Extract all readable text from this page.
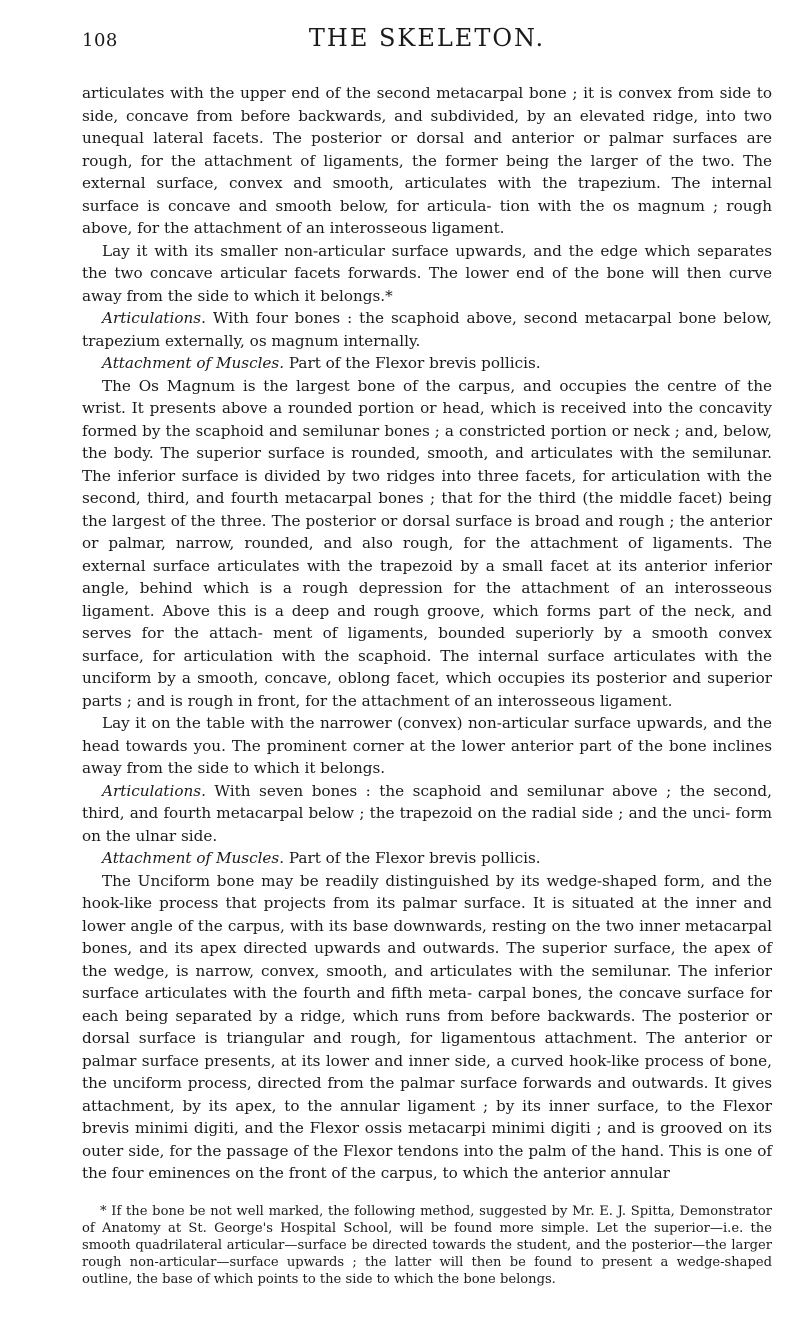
108	THE SKELETON.

articulates with the upper end of the second metacarpal bone ; it is convex from side to side, concave from before backwards, and subdivided, by an elevated ridge, into two unequal lateral facets. The posterior or dorsal and anterior or palmar surfaces are rough, for the attachment of ligaments, the former being the larger of the two. The external surface, convex and smooth, articulates with the trapezium. The internal surface is concave and smooth below, for articula- tion with the os magnum ; rough above, for the attachment of an interosseous ligament.

Lay it with its smaller non-articular surface upwards, and the edge which separates the two concave articular facets forwards. The lower end of the bone will then curve away from the side to which it belongs.*

Articulations. With four bones : the scaphoid above, second metacarpal bone below, trapezium externally, os magnum internally.

Attachment of Muscles. Part of the Flexor brevis pollicis.

The Os Magnum is the largest bone of the carpus, and occupies the centre of the wrist. It presents above a rounded portion or head, which is received into the concavity formed by the scaphoid and semilunar bones ; a constricted portion or neck ; and, below, the body. The superior surface is rounded, smooth, and articulates with the semilunar. The inferior surface is divided by two ridges into three facets, for articulation with the second, third, and fourth metacarpal bones ; that for the third (the middle facet) being the largest of the three. The posterior or dorsal surface is broad and rough ; the anterior or palmar, narrow, rounded, and also rough, for the attachment of ligaments. The external surface articulates with the trapezoid by a small facet at its anterior inferior angle, behind which is a rough depression for the attachment of an interosseous ligament. Above this is a deep and rough groove, which forms part of the neck, and serves for the attach- ment of ligaments, bounded superiorly by a smooth convex surface, for articulation with the scaphoid. The internal surface articulates with the unciform by a smooth, concave, oblong facet, which occupies its posterior and superior parts ; and is rough in front, for the attachment of an interosseous ligament.

Lay it on the table with the narrower (convex) non-articular surface upwards, and the head towards you. The prominent corner at the lower anterior part of the bone inclines away from the side to which it belongs.

Articulations. With seven bones : the scaphoid and semilunar above ; the second, third, and fourth metacarpal below ; the trapezoid on the radial side ; and the unci- form on the ulnar side.

Attachment of Muscles. Part of the Flexor brevis pollicis.

The Unciform bone may be readily distinguished by its wedge-shaped form, and the hook-like process that projects from its palmar surface. It is situated at the inner and lower angle of the carpus, with its base downwards, resting on the two inner metacarpal bones, and its apex directed upwards and outwards. The superior surface, the apex of the wedge, is narrow, convex, smooth, and articulates with the semilunar. The inferior surface articulates with the fourth and fifth meta- carpal bones, the concave surface for each being separated by a ridge, which runs from before backwards. The posterior or dorsal surface is triangular and rough, for ligamentous attachment. The anterior or palmar surface presents, at its lower and inner side, a curved hook-like process of bone, the unciform process, directed from the palmar surface forwards and outwards. It gives attachment, by its apex, to the annular ligament ; by its inner surface, to the Flexor brevis minimi digiti, and the Flexor ossis metacarpi minimi digiti ; and is grooved on its outer side, for the passage of the Flexor tendons into the palm of the hand. This is one of the four eminences on the front of the carpus, to which the anterior annular

* If the bone be not well marked, the following method, suggested by Mr. E. J. Spitta, Demonstrator of Anatomy at St. George's Hospital School, will be found more simple. Let the superior—i.e. the smooth quadrilateral articular—surface be directed towards the student, and the posterior—the larger rough non-articular—surface upwards ; the latter will then be found to present a wedge-shaped outline, the base of which points to the side to which the bone belongs.
